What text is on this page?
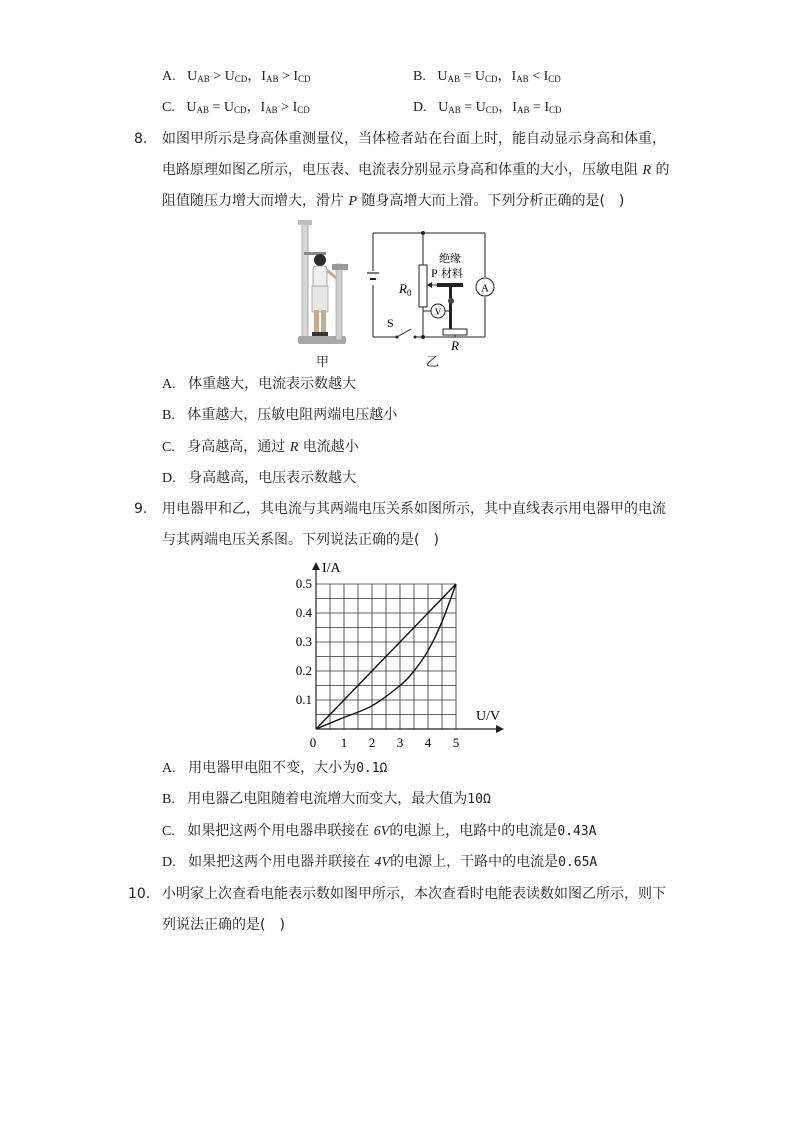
A. $U_{AB} > U_{CD}$，$I_{AB} > I_{CD}$	B. $U_{AB} = U_{CD}$，$I_{AB} < I_{CD}$
C. $U_{AB} = U_{CD}$，$I_{AB} > I_{CD}$	D. $U_{AB} = U_{CD}$，$I_{AB} = I_{CD}$
8. 如图甲所示是身高体重测量仪，当体检者站在台面上时，能自动显示身高和体重，
电路原理如图乙所示，电压表、电流表分别显示身高和体重的大小，压敏电阻 R 的
阻值随压力增大而增大，滑片 P 随身高增大而上滑。下列分析正确的是(　)
甲
A
V
绝缘
材料
P
$R_0$
S
R
乙
A. 体重越大，电流表示数越大
B. 体重越大，压敏电阻两端电压越小
C. 身高越高，通过 R 电流越小
D. 身高越高，电压表示数越大
9. 用电器甲和乙，其电流与其两端电压关系如图所示，其中直线表示用电器甲的电流
与其两端电压关系图。下列说法正确的是(　)
0 1 2 3 4 5
0.1
0.2
0.3
0.4
0.5
I/A
U/V
A. 用电器甲电阻不变，大小为0.1Ω
B. 用电器乙电阻随着电流增大而变大，最大值为10Ω
C. 如果把这两个用电器串联接在 6V的电源上，电路中的电流是0.43A
D. 如果把这两个用电器并联接在 4V的电源上，干路中的电流是0.65A
10. 小明家上次查看电能表示数如图甲所示，本次查看时电能表读数如图乙所示，则下
列说法正确的是(　)
